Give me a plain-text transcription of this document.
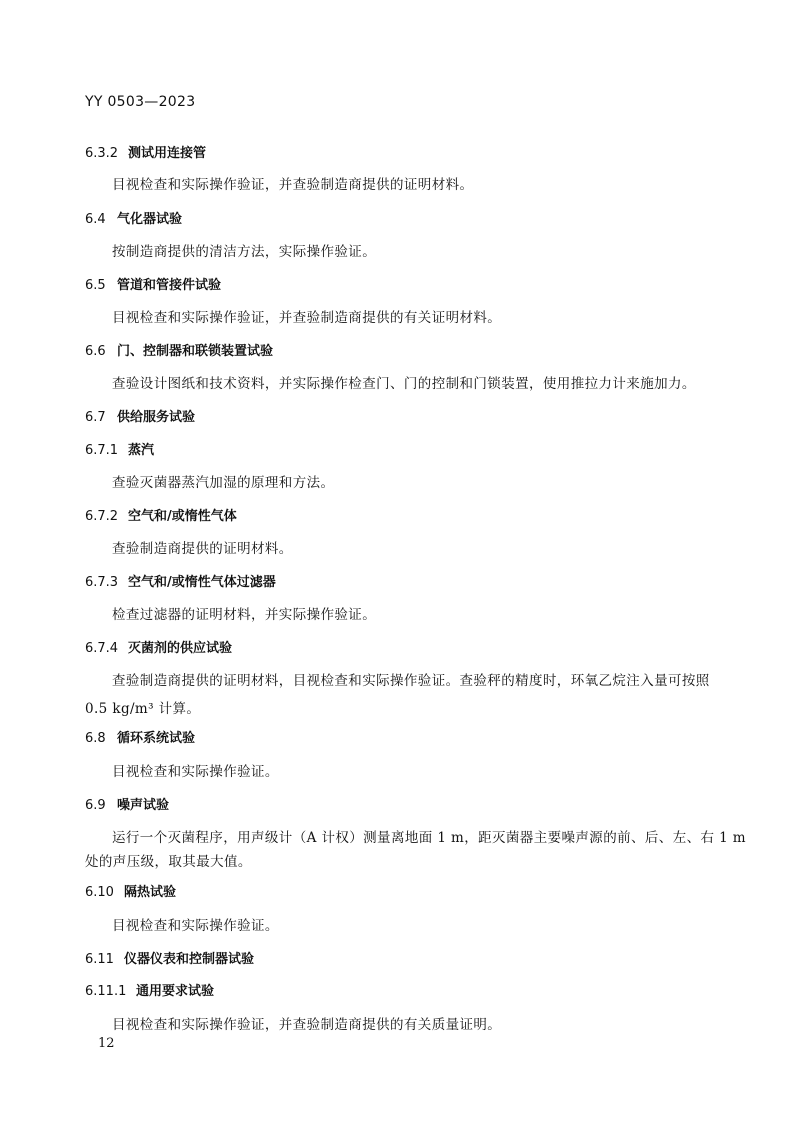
YY 0503—2023
6.3.2 测试用连接管
目视检查和实际操作验证，并查验制造商提供的证明材料。
6.4 气化器试验
按制造商提供的清洁方法，实际操作验证。
6.5 管道和管接件试验
目视检查和实际操作验证，并查验制造商提供的有关证明材料。
6.6 门、控制器和联锁装置试验
查验设计图纸和技术资料，并实际操作检查门、门的控制和门锁装置，使用推拉力计来施加力。
6.7 供给服务试验
6.7.1 蒸汽
查验灭菌器蒸汽加湿的原理和方法。
6.7.2 空气和/或惰性气体
查验制造商提供的证明材料。
6.7.3 空气和/或惰性气体过滤器
检查过滤器的证明材料，并实际操作验证。
6.7.4 灭菌剂的供应试验
查验制造商提供的证明材料，目视检查和实际操作验证。查验秤的精度时，环氧乙烷注入量可按照
0.5 kg/m³ 计算。
6.8 循环系统试验
目视检查和实际操作验证。
6.9 噪声试验
运行一个灭菌程序，用声级计（A 计权）测量离地面 1 m，距灭菌器主要噪声源的前、后、左、右 1 m
处的声压级，取其最大值。
6.10 隔热试验
目视检查和实际操作验证。
6.11 仪器仪表和控制器试验
6.11.1 通用要求试验
目视检查和实际操作验证，并查验制造商提供的有关质量证明。
12
